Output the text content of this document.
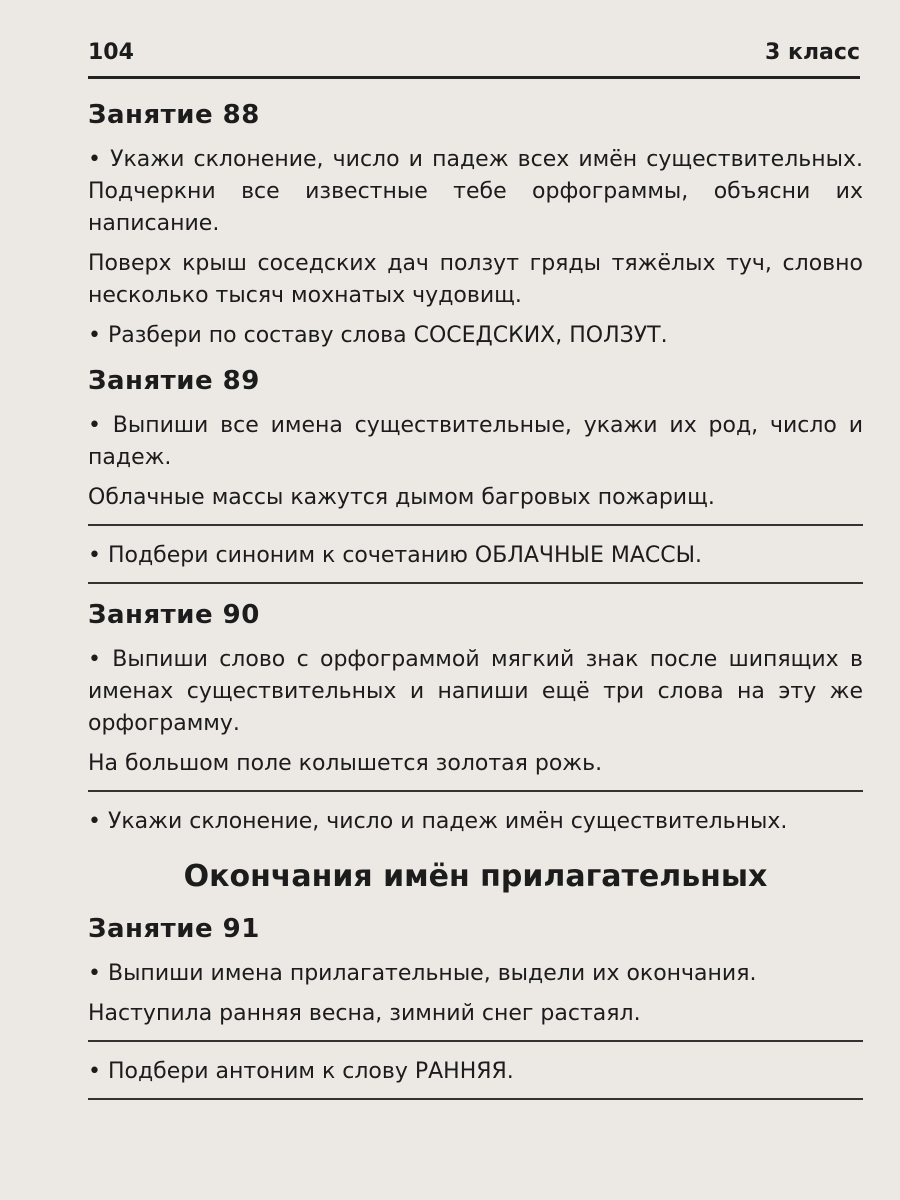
104	3 класс
Занятие 88

• Укажи склонение, число и падеж всех имён существительных. Подчеркни все известные тебе орфограммы, объясни их написание.

Поверх крыш соседских дач ползут гряды тяжёлых туч, словно несколько тысяч мохнатых чудовищ.

• Разбери по составу слова СОСЕДСКИХ, ПОЛЗУТ.

Занятие 89

• Выпиши все имена существительные, укажи их род, число и падеж.

Облачные массы кажутся дымом багровых пожарищ.

• Подбери синоним к сочетанию ОБЛАЧНЫЕ МАССЫ.

Занятие 90

• Выпиши слово с орфограммой мягкий знак после шипящих в именах существительных и напиши ещё три слова на эту же орфограмму.

На большом поле колышется золотая рожь.

• Укажи склонение, число и падеж имён существительных.

Окончания имён прилагательных
Занятие 91

• Выпиши имена прилагательные, выдели их окончания.

Наступила ранняя весна, зимний снег растаял.

• Подбери антоним к слову РАННЯЯ.
